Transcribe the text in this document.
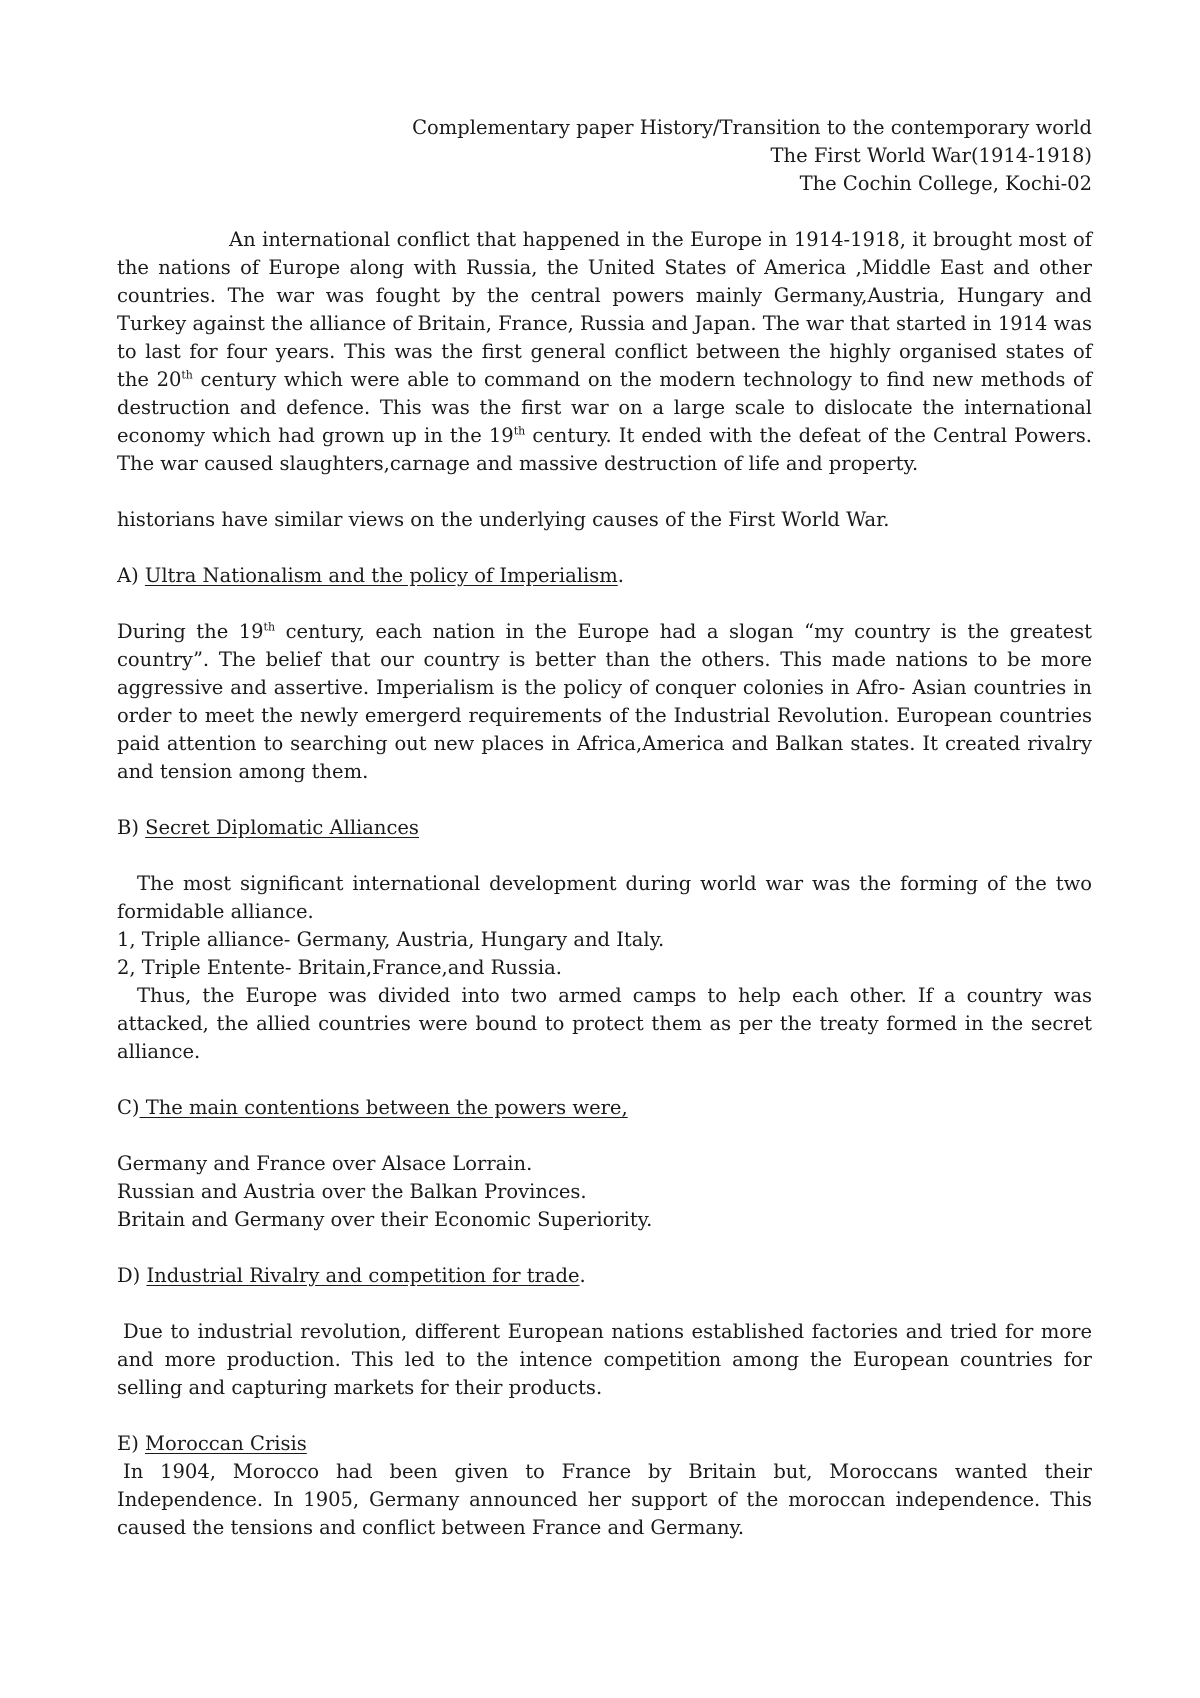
Complementary paper History/Transition to the contemporary world
The First World War(1914-1918)
The Cochin College, Kochi-02

An international conflict that happened in the Europe in 1914-1918, it brought most of the nations of Europe along with Russia, the United States of America ,Middle East and other countries. The war was fought by the central powers mainly Germany,Austria, Hungary and Turkey against the alliance of Britain, France, Russia and Japan. The war that started in 1914 was to last for four years. This was the first general conflict between the highly organised states of the 20th century which were able to command on the modern technology to find new methods of destruction and defence. This was the first war on a large scale to dislocate the international economy which had grown up in the 19th century. It ended with the defeat of the Central Powers. The war caused slaughters,carnage and massive destruction of life and property.

historians have similar views on the underlying causes of the First World War.

A) Ultra Nationalism and the policy of Imperialism.

During the 19th century, each nation in the Europe had a slogan “my country is the greatest country”. The belief that our country is better than the others. This made nations to be more aggressive and assertive. Imperialism is the policy of conquer colonies in Afro- Asian countries in order to meet the newly emergerd requirements of the Industrial Revolution. European countries paid attention to searching out new places in Africa,America and Balkan states. It created rivalry and tension among them.

B) Secret Diplomatic Alliances

The most significant international development during world war was the forming of the two formidable alliance.

1, Triple alliance- Germany, Austria, Hungary and Italy.

2, Triple Entente- Britain,France,and Russia.

Thus, the Europe was divided into two armed camps to help each other. If a country was attacked, the allied countries were bound to protect them as per the treaty formed in the secret alliance.

C) The main contentions between the powers were,

Germany and France over Alsace Lorrain.

Russian and Austria over the Balkan Provinces.

Britain and Germany over their Economic Superiority.

D) Industrial Rivalry and competition for trade.

Due to industrial revolution, different European nations established factories and tried for more and more production. This led to the intence competition among the European countries for selling and capturing markets for their products.

E) Moroccan Crisis

In 1904, Morocco had been given to France by Britain but, Moroccans wanted their Independence. In 1905, Germany announced her support of the moroccan independence. This caused the tensions and conflict between France and Germany.
